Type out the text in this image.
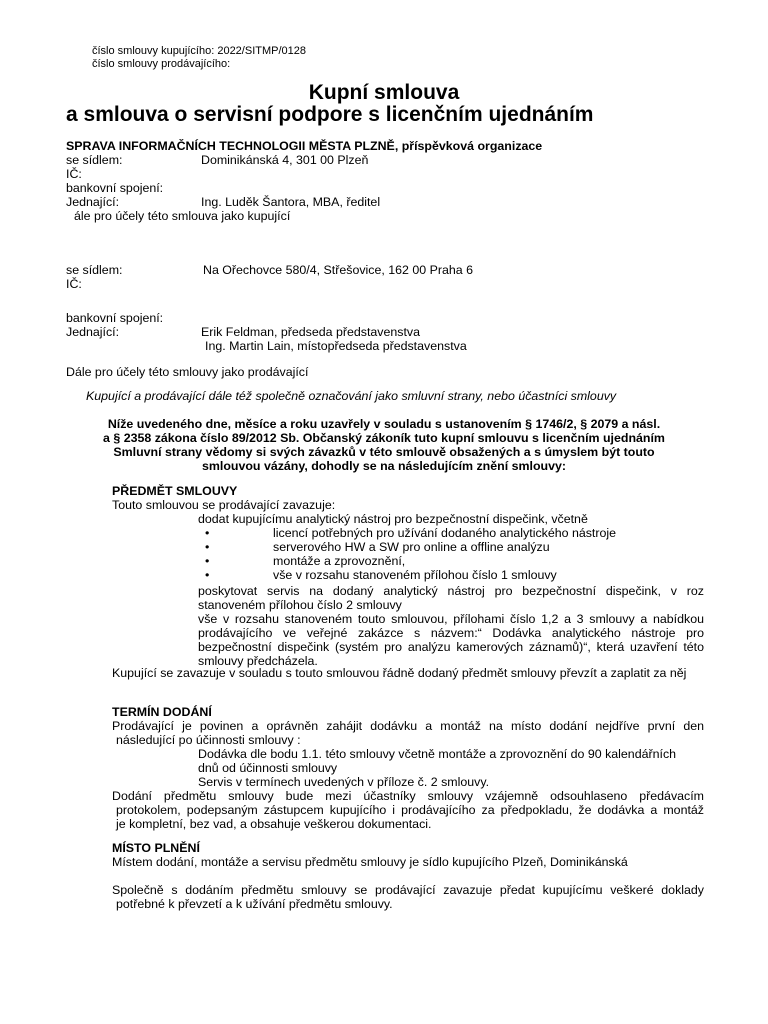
číslo smlouvy kupujícího: 2022/SITMP/0128
číslo smlouvy prodávajícího:
Kupní smlouva
a smlouva o servisní podpore s licenčním ujednáním
SPRAVA INFORMAČNÍCH TECHNOLOGII MĚSTA PLZNĚ, příspěvková organizace
se sídlem:	Dominikánská 4, 301 00 Plzeň
IČ:
bankovní spojení:
Jednající:	Ing. Luděk Šantora, MBA, ředitel
ále pro účely této smlouva jako kupující
se sídlem:	Na Ořechovce 580/4, Střešovice, 162 00 Praha 6
IČ:
bankovní spojení:
Jednající:	Erik Feldman, předseda představenstva
Ing. Martin Lain, místopředseda představenstva
Dále pro účely této smlouvy jako prodávající
Kupující a prodávající dále též společně označování jako smluvní strany, nebo účastníci smlouvy
Níže uvedeného dne, měsíce a roku uzavřely v souladu s ustanovením § 1746/2, § 2079 a násl.
a § 2358 zákona číslo 89/2012 Sb. Občanský zákoník tuto kupní smlouvu s licenčním ujednáním
Smluvní strany vědomy si svých závazků v této smlouvě obsažených a s úmyslem být touto
smlouvou vázány, dohodly se na následujícím znění smlouvy:
PŘEDMĚT SMLOUVY
Touto smlouvou se prodávající zavazuje:
dodat kupujícímu analytický nástroj pro bezpečnostní dispečink, včetně
•	licencí potřebných pro užívání dodaného analytického nástroje
•	serverového HW a SW pro online a offline analýzu
•	montáže a zprovoznění,
•	vše v rozsahu stanoveném přílohou číslo 1 smlouvy
poskytovat servis na dodaný analytický nástroj pro bezpečnostní dispečink, v roz
stanoveném přílohou číslo 2 smlouvy
vše v rozsahu stanoveném touto smlouvou, přílohami číslo 1,2 a 3 smlouvy a nabídkou
prodávajícího ve veřejné zakázce s názvem:“ Dodávka analytického nástroje pro
bezpečnostní dispečink (systém pro analýzu kamerových záznamů)“, která uzavření této
smlouvy předcházela.
Kupující se zavazuje v souladu s touto smlouvou řádně dodaný předmět smlouvy převzít a zaplatit za něj
TERMÍN DODÁNÍ
Prodávající je povinen a oprávněn zahájit dodávku a montáž na místo dodání nejdříve první den
následující po účinnosti smlouvy :
Dodávka dle bodu 1.1. této smlouvy včetně montáže a zprovoznění do 90 kalendářních
dnů od účinnosti smlouvy
Servis v termínech uvedených v příloze č. 2 smlouvy.
Dodání předmětu smlouvy bude mezi účastníky smlouvy vzájemně odsouhlaseno předávacím
protokolem, podepsaným zástupcem kupujícího i prodávajícího za předpokladu, že dodávka a montáž
je kompletní, bez vad, a obsahuje veškerou dokumentaci.
MÍSTO PLNĚNÍ
Místem dodání, montáže a servisu předmětu smlouvy je sídlo kupujícího Plzeň, Dominikánská
Společně s dodáním předmětu smlouvy se prodávající zavazuje předat kupujícímu veškeré doklady
potřebné k převzetí a k užívání předmětu smlouvy.
